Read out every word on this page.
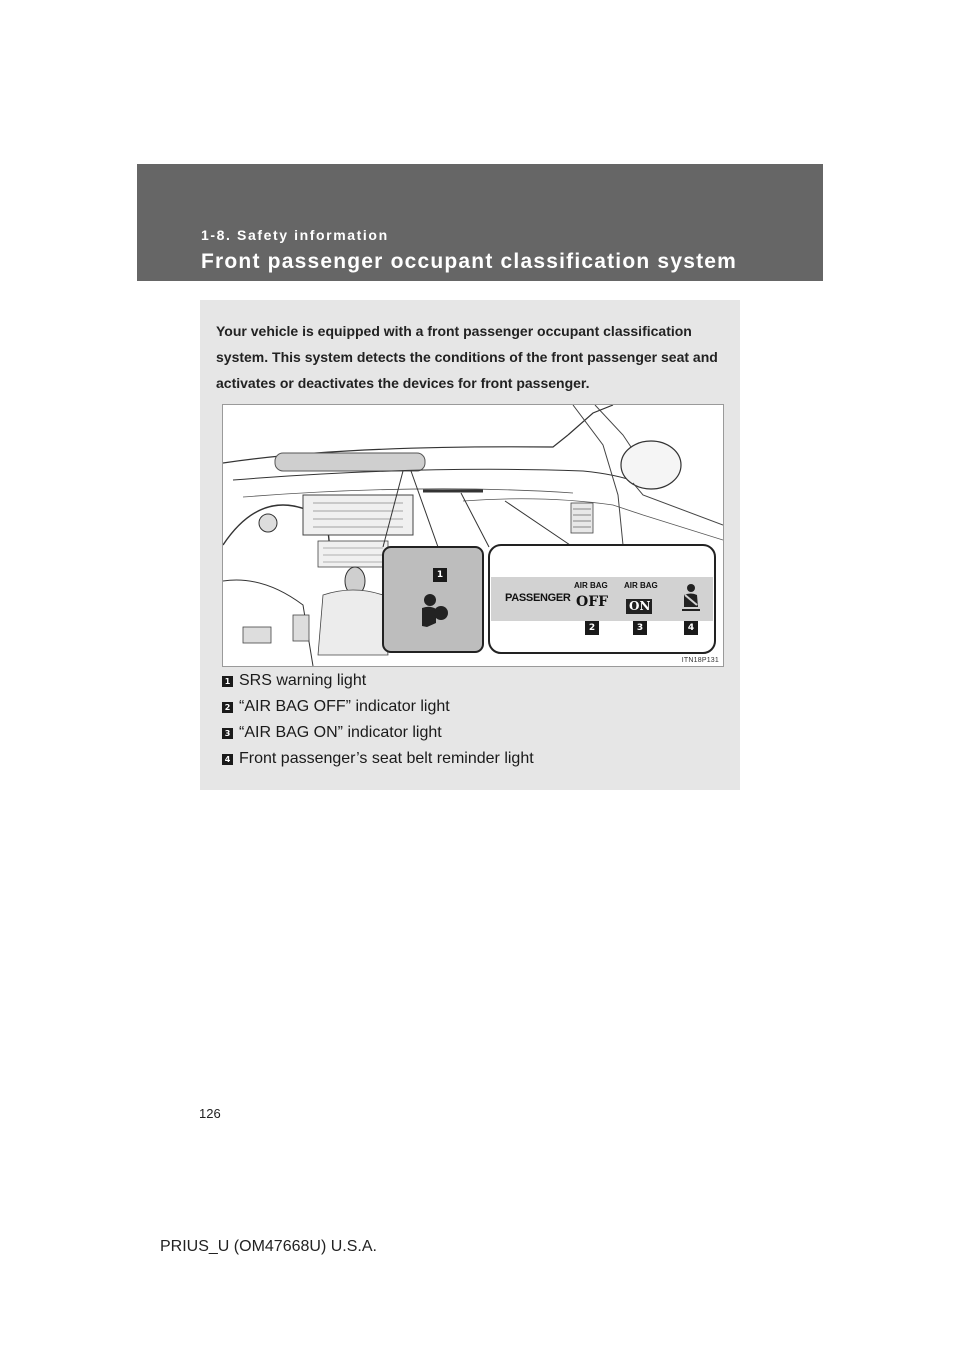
1-8. Safety information
Front passenger occupant classification system
Your vehicle is equipped with a front passenger occupant classification system. This system detects the conditions of the front passenger seat and activates or deactivates the devices for front passenger.
1
PASSENGER
AIR BAG
OFF
AIR BAG
ON
2	3	4
ITN18P131
1 SRS warning light
2 “AIR BAG OFF” indicator light
3 “AIR BAG ON” indicator light
4 Front passenger’s seat belt reminder light
126
PRIUS_U (OM47668U) U.S.A.
